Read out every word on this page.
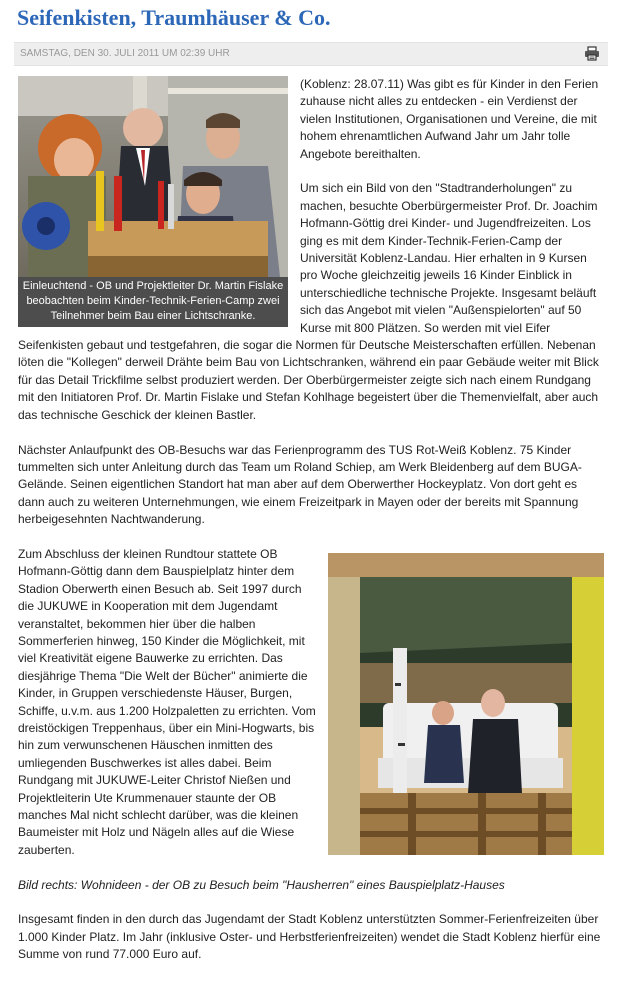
Seifenkisten, Traumhäuser & Co.
SAMSTAG, DEN 30. JULI 2011 UM 02:39 UHR
Einleuchtend - OB und Projektleiter Dr. Martin Fislake beobachten beim Kinder-Technik-Ferien-Camp zwei Teilnehmer beim Bau einer Lichtschranke.

(Koblenz: 28.07.11) Was gibt es für Kinder in den Ferien zuhause nicht alles zu entdecken - ein Verdienst der vielen Institutionen, Organisationen und Vereine, die mit hohem ehrenamtlichen Aufwand Jahr um Jahr tolle Angebote bereithalten.

Um sich ein Bild von den "Stadtranderholungen" zu machen, besuchte Oberbürgermeister Prof. Dr. Joachim Hofmann-Göttig drei Kinder- und Jugendfreizeiten. Los ging es mit dem Kinder-Technik-Ferien-Camp der Universität Koblenz-Landau. Hier erhalten in 9 Kursen pro Woche gleichzeitig jeweils 16 Kinder Einblick in unterschiedliche technische Projekte. Insgesamt beläuft sich das Angebot mit vielen "Außenspielorten" auf 50 Kurse mit 800 Plätzen. So werden mit viel Eifer Seifenkisten gebaut und testgefahren, die sogar die Normen für Deutsche Meisterschaften erfüllen. Nebenan löten die "Kollegen" derweil Drähte beim Bau von Lichtschranken, während ein paar Gebäude weiter mit Blick für das Detail Trickfilme selbst produziert werden. Der Oberbürgermeister zeigte sich nach einem Rundgang mit den Initiatoren Prof. Dr. Martin Fislake und Stefan Kohlhage begeistert über die Themenvielfalt, aber auch das technische Geschick der kleinen Bastler.

Nächster Anlaufpunkt des OB-Besuchs war das Ferienprogramm des TUS Rot-Weiß Koblenz. 75 Kinder tummelten sich unter Anleitung durch das Team um Roland Schiep, am Werk Bleidenberg auf dem BUGA-Gelände. Seinen eigentlichen Standort hat man aber auf dem Oberwerther Hockeyplatz. Von dort geht es dann auch zu weiteren Unternehmungen, wie einem Freizeitpark in Mayen oder der bereits mit Spannung herbeigesehnten Nachtwanderung.

Zum Abschluss der kleinen Rundtour stattete OB Hofmann-Göttig dann dem Bauspielplatz hinter dem Stadion Oberwerth einen Besuch ab. Seit 1997 durch die JUKUWE in Kooperation mit dem Jugendamt veranstaltet, bekommen hier über die halben Sommerferien hinweg, 150 Kinder die Möglichkeit, mit viel Kreativität eigene Bauwerke zu errichten. Das diesjährige Thema "Die Welt der Bücher" animierte die Kinder, in Gruppen verschiedenste Häuser, Burgen, Schiffe, u.v.m. aus 1.200 Holzpaletten zu errichten. Vom dreistöckigen Treppenhaus, über ein Mini-Hogwarts, bis hin zum verwunschenen Häuschen inmitten des umliegenden Buschwerkes ist alles dabei. Beim Rundgang mit JUKUWE-Leiter Christof Nießen und Projektleiterin Ute Krummenauer staunte der OB manches Mal nicht schlecht darüber, was die kleinen Baumeister mit Holz und Nägeln alles auf die Wiese zauberten.

Bild rechts: Wohnideen - der OB zu Besuch beim "Hausherren" eines Bauspielplatz-Hauses

Insgesamt finden in den durch das Jugendamt der Stadt Koblenz unterstützten Sommer-Ferienfreizeiten über 1.000 Kinder Platz. Im Jahr (inklusive Oster- und Herbstferienfreizeiten) wendet die Stadt Koblenz hierfür eine Summe von rund 77.000 Euro auf.
